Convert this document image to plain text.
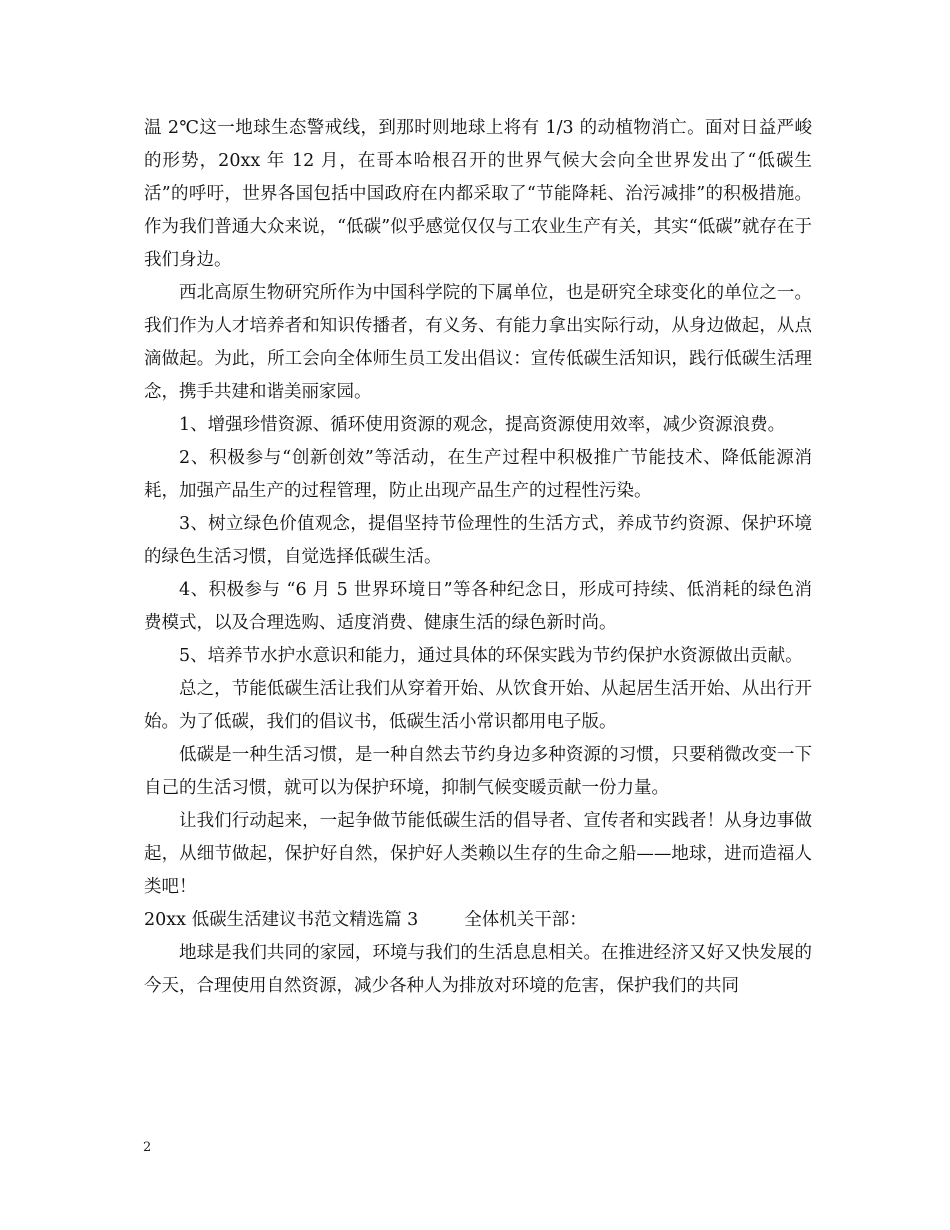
温 2℃这一地球生态警戒线，到那时则地球上将有 1/3 的动植物消亡。面对日益严峻的形势，20xx 年 12 月，在哥本哈根召开的世界气候大会向全世界发出了“低碳生活”的呼吁，世界各国包括中国政府在内都采取了“节能降耗、治污减排”的积极措施。作为我们普通大众来说，“低碳”似乎感觉仅仅与工农业生产有关，其实“低碳”就存在于我们身边。

西北高原生物研究所作为中国科学院的下属单位，也是研究全球变化的单位之一。我们作为人才培养者和知识传播者，有义务、有能力拿出实际行动，从身边做起，从点滴做起。为此，所工会向全体师生员工发出倡议：宣传低碳生活知识，践行低碳生活理念，携手共建和谐美丽家园。

1、增强珍惜资源、循环使用资源的观念，提高资源使用效率，减少资源浪费。

2、积极参与“创新创效”等活动，在生产过程中积极推广节能技术、降低能源消耗，加强产品生产的过程管理，防止出现产品生产的过程性污染。

3、树立绿色价值观念，提倡坚持节俭理性的生活方式，养成节约资源、保护环境的绿色生活习惯，自觉选择低碳生活。

4、积极参与 “6 月 5 世界环境日”等各种纪念日，形成可持续、低消耗的绿色消费模式，以及合理选购、适度消费、健康生活的绿色新时尚。

5、培养节水护水意识和能力，通过具体的环保实践为节约保护水资源做出贡献。

总之，节能低碳生活让我们从穿着开始、从饮食开始、从起居生活开始、从出行开始。为了低碳，我们的倡议书，低碳生活小常识都用电子版。

低碳是一种生活习惯，是一种自然去节约身边多种资源的习惯，只要稍微改变一下自己的生活习惯，就可以为保护环境，抑制气候变暖贡献一份力量。

让我们行动起来，一起争做节能低碳生活的倡导者、宣传者和实践者！从身边事做起，从细节做起，保护好自然，保护好人类赖以生存的生命之船——地球，进而造福人类吧！

20xx 低碳生活建议书范文精选篇 3	全体机关干部：

地球是我们共同的家园，环境与我们的生活息息相关。在推进经济又好又快发展的今天，合理使用自然资源，减少各种人为排放对环境的危害，保护我们的共同

2
